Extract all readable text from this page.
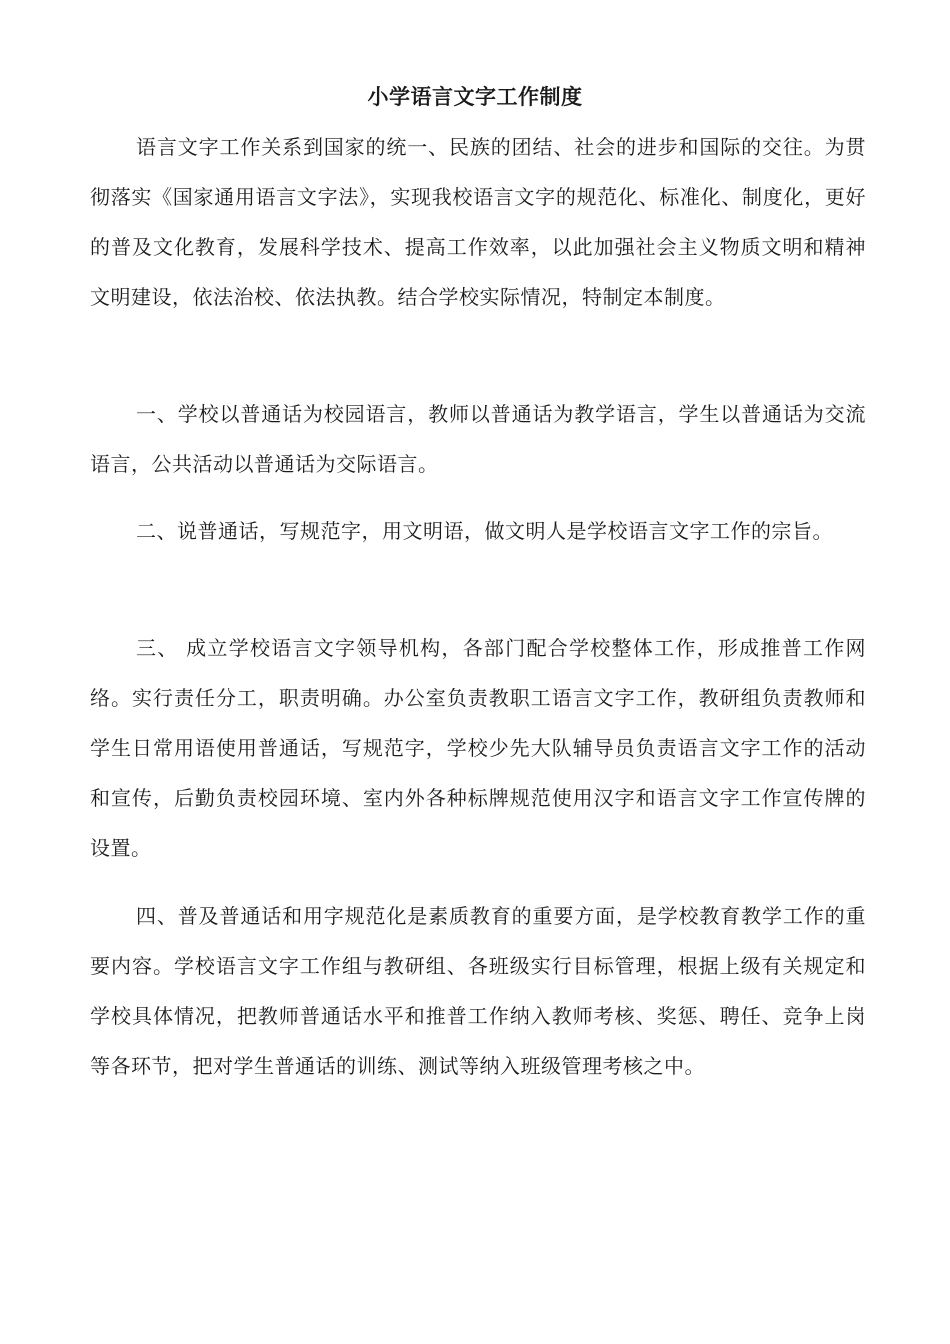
小学语言文字工作制度
语言文字工作关系到国家的统一、民族的团结、社会的进步和国际的交往。为贯彻落实《国家通用语言文字法》，实现我校语言文字的规范化、标准化、制度化，更好的普及文化教育，发展科学技术、提高工作效率，以此加强社会主义物质文明和精神文明建设，依法治校、依法执教。结合学校实际情况，特制定本制度。
一、学校以普通话为校园语言，教师以普通话为教学语言，学生以普通话为交流语言，公共活动以普通话为交际语言。
二、说普通话，写规范字，用文明语，做文明人是学校语言文字工作的宗旨。
三、 成立学校语言文字领导机构，各部门配合学校整体工作，形成推普工作网络。实行责任分工，职责明确。办公室负责教职工语言文字工作，教研组负责教师和学生日常用语使用普通话，写规范字，学校少先大队辅导员负责语言文字工作的活动和宣传，后勤负责校园环境、室内外各种标牌规范使用汉字和语言文字工作宣传牌的设置。
四、普及普通话和用字规范化是素质教育的重要方面，是学校教育教学工作的重要内容。学校语言文字工作组与教研组、各班级实行目标管理，根据上级有关规定和学校具体情况，把教师普通话水平和推普工作纳入教师考核、奖惩、聘任、竞争上岗等各环节，把对学生普通话的训练、测试等纳入班级管理考核之中。
